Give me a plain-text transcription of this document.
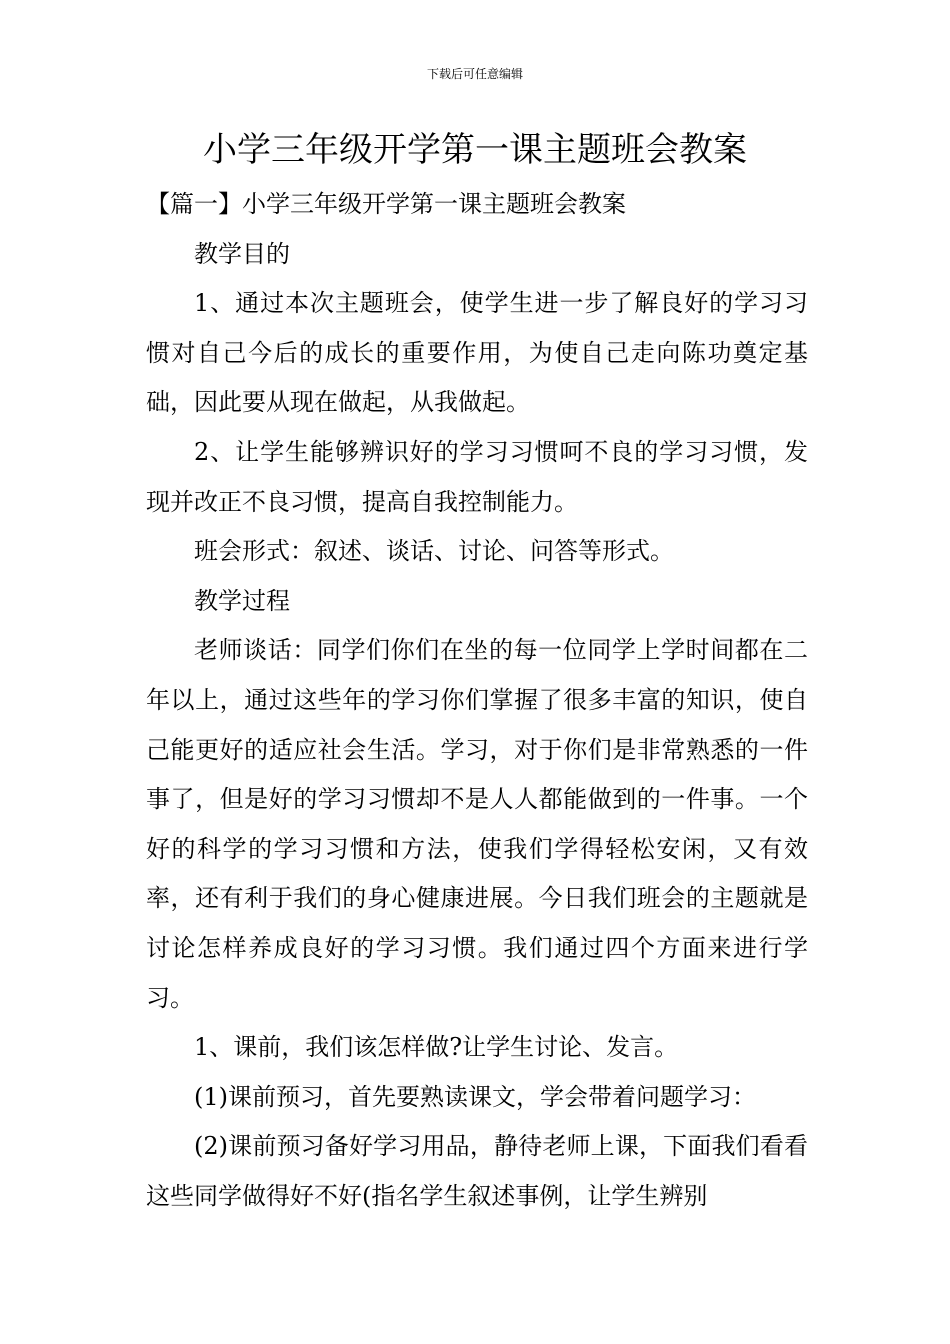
下载后可任意编辑
小学三年级开学第一课主题班会教案

【篇一】小学三年级开学第一课主题班会教案

教学目的

1、通过本次主题班会，使学生进一步了解良好的学习习惯对自己今后的成长的重要作用，为使自己走向陈功奠定基础，因此要从现在做起，从我做起。

2、让学生能够辨识好的学习习惯呵不良的学习习惯，发现并改正不良习惯，提高自我控制能力。

班会形式：叙述、谈话、讨论、问答等形式。

教学过程

老师谈话：同学们你们在坐的每一位同学上学时间都在二年以上，通过这些年的学习你们掌握了很多丰富的知识，使自己能更好的适应社会生活。学习，对于你们是非常熟悉的一件事了，但是好的学习习惯却不是人人都能做到的一件事。一个好的科学的学习习惯和方法，使我们学得轻松安闲，又有效率，还有利于我们的身心健康进展。今日我们班会的主题就是讨论怎样养成良好的学习习惯。我们通过四个方面来进行学习。

1、课前，我们该怎样做?让学生讨论、发言。

(1)课前预习，首先要熟读课文，学会带着问题学习：

(2)课前预习备好学习用品，静待老师上课，下面我们看看这些同学做得好不好(指名学生叙述事例，让学生辨别
